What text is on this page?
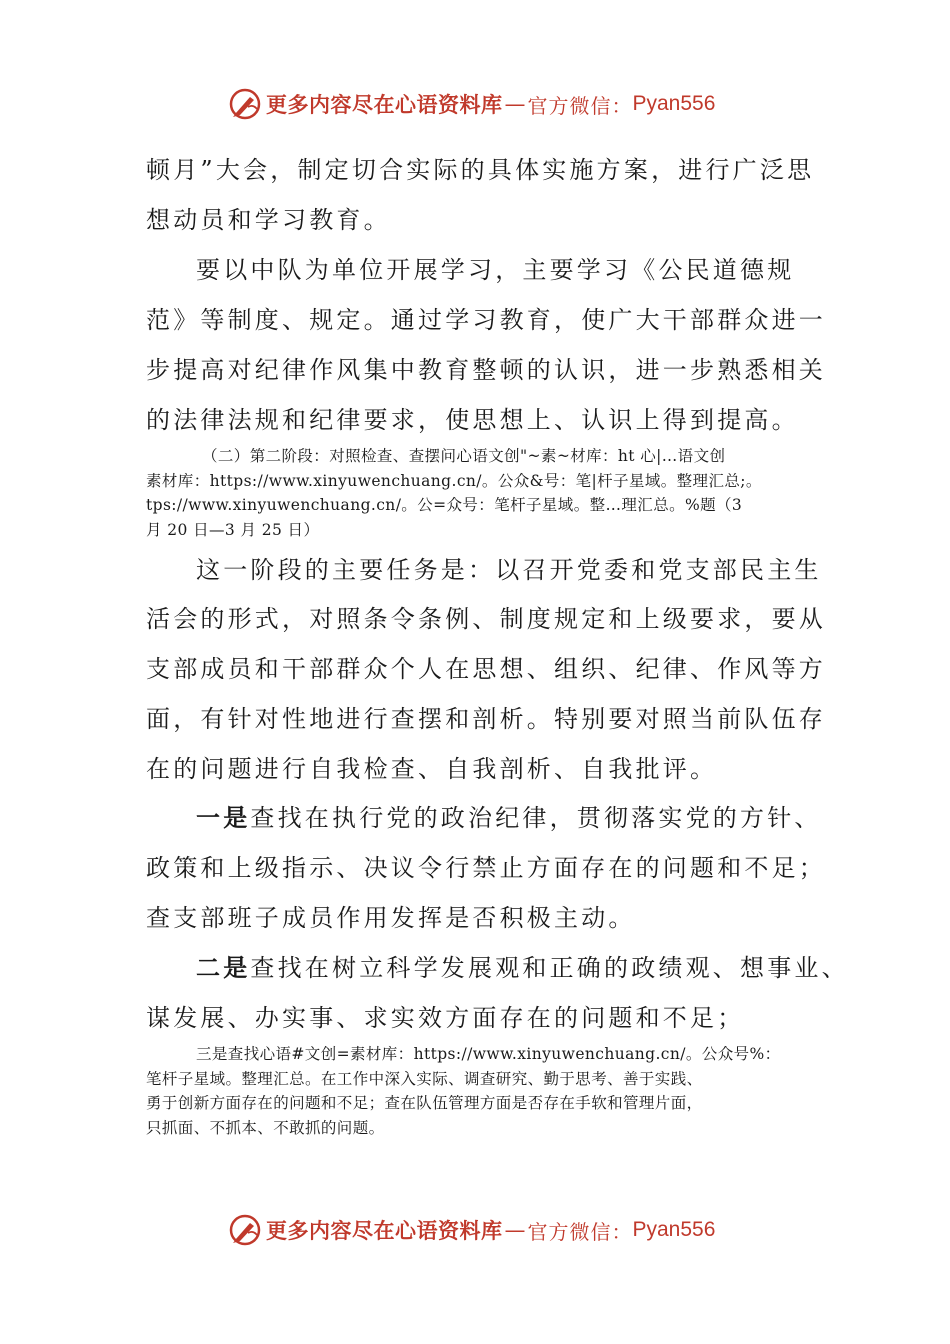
更多内容尽在心语资料库 — 官方微信： Pyan556
顿月”大会，制定切合实际的具体实施方案，进行广泛思
想动员和学习教育。
要以中队为单位开展学习，主要学习《公民道德规
范》等制度、规定。通过学习教育，使广大干部群众进一
步提高对纪律作风集中教育整顿的认识，进一步熟悉相关
的法律法规和纪律要求，使思想上、认识上得到提高。
（二）第二阶段：对照检查、查摆问心语文创"~素~材库：ht 心|…语文创
素材库：https://www.xinyuwenchuang.cn/。公众&号：笔|杆子星域。整理汇总;。
tps://www.xinyuwenchuang.cn/。公=众号：笔杆子星域。整…理汇总。%题（3
月 20 日—3 月 25 日）
这一阶段的主要任务是：以召开党委和党支部民主生
活会的形式，对照条令条例、制度规定和上级要求，要从
支部成员和干部群众个人在思想、组织、纪律、作风等方
面，有针对性地进行查摆和剖析。特别要对照当前队伍存
在的问题进行自我检查、自我剖析、自我批评。
一是查找在执行党的政治纪律，贯彻落实党的方针、
政策和上级指示、决议令行禁止方面存在的问题和不足；
查支部班子成员作用发挥是否积极主动。
二是查找在树立科学发展观和正确的政绩观、想事业、
谋发展、办实事、求实效方面存在的问题和不足；
三是查找心语#文创=素材库：https://www.xinyuwenchuang.cn/。公众号%：
笔杆子星域。整理汇总。在工作中深入实际、调查研究、勤于思考、善于实践、
勇于创新方面存在的问题和不足；查在队伍管理方面是否存在手软和管理片面，
只抓面、不抓本、不敢抓的问题。
更多内容尽在心语资料库 — 官方微信： Pyan556
